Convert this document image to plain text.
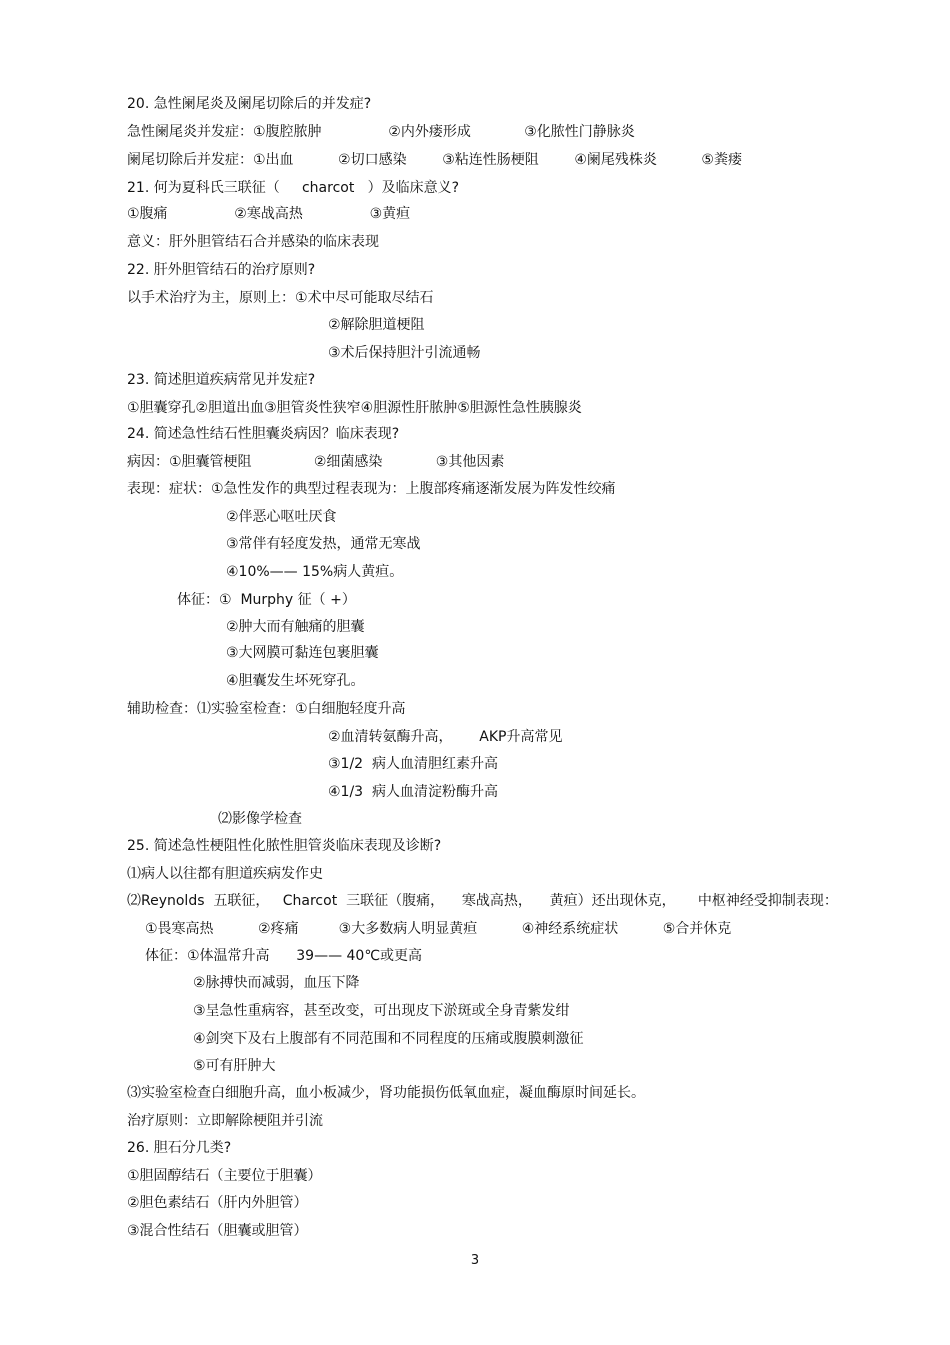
20. 急性阑尾炎及阑尾切除后的并发症?
急性阑尾炎并发症：①腹腔脓肿               ②内外瘘形成            ③化脓性门静脉炎
阑尾切除后并发症：①出血          ②切口感染        ③粘连性肠梗阻        ④阑尾残株炎          ⑤粪瘘
21. 何为夏科氏三联征（     charcot   ）及临床意义?
①腹痛               ②寒战高热               ③黄疸
意义：肝外胆管结石合并感染的临床表现
22. 肝外胆管结石的治疗原则?
以手术治疗为主，原则上：①术中尽可能取尽结石
②解除胆道梗阻
③术后保持胆汁引流通畅
23. 简述胆道疾病常见并发症?
①胆囊穿孔②胆道出血③胆管炎性狭窄④胆源性肝脓肿⑤胆源性急性胰腺炎
24. 简述急性结石性胆囊炎病因？临床表现?
病因：①胆囊管梗阻              ②细菌感染            ③其他因素
表现：症状：①急性发作的典型过程表现为：上腹部疼痛逐渐发展为阵发性绞痛
②伴恶心呕吐厌食
③常伴有轻度发热，通常无寒战
④10%—— 15%病人黄疸。
体征：①  Murphy 征（ +）
②肿大而有触痛的胆囊
③大网膜可黏连包裹胆囊
④胆囊发生坏死穿孔。
辅助检查：⑴实验室检查：①白细胞轻度升高
②血清转氨酶升高，      AKP升高常见
③1/2  病人血清胆红素升高
④1/3  病人血清淀粉酶升高
⑵影像学检查
25. 简述急性梗阻性化脓性胆管炎临床表现及诊断?
⑴病人以往都有胆道疾病发作史
⑵Reynolds  五联征，   Charcot  三联征（腹痛，    寒战高热，    黄疸）还出现休克，     中枢神经受抑制表现：
①畏寒高热          ②疼痛         ③大多数病人明显黄疸          ④神经系统症状          ⑤合并休克
体征：①体温常升高      39—— 40℃或更高
②脉搏快而减弱，血压下降
③呈急性重病容，甚至改变，可出现皮下淤斑或全身青紫发绀
④剑突下及右上腹部有不同范围和不同程度的压痛或腹膜刺激征
⑤可有肝肿大
⑶实验室检查白细胞升高，血小板减少，肾功能损伤低氧血症，凝血酶原时间延长。
治疗原则：立即解除梗阻并引流
26. 胆石分几类?
①胆固醇结石（主要位于胆囊）
②胆色素结石（肝内外胆管）
③混合性结石（胆囊或胆管）
3
